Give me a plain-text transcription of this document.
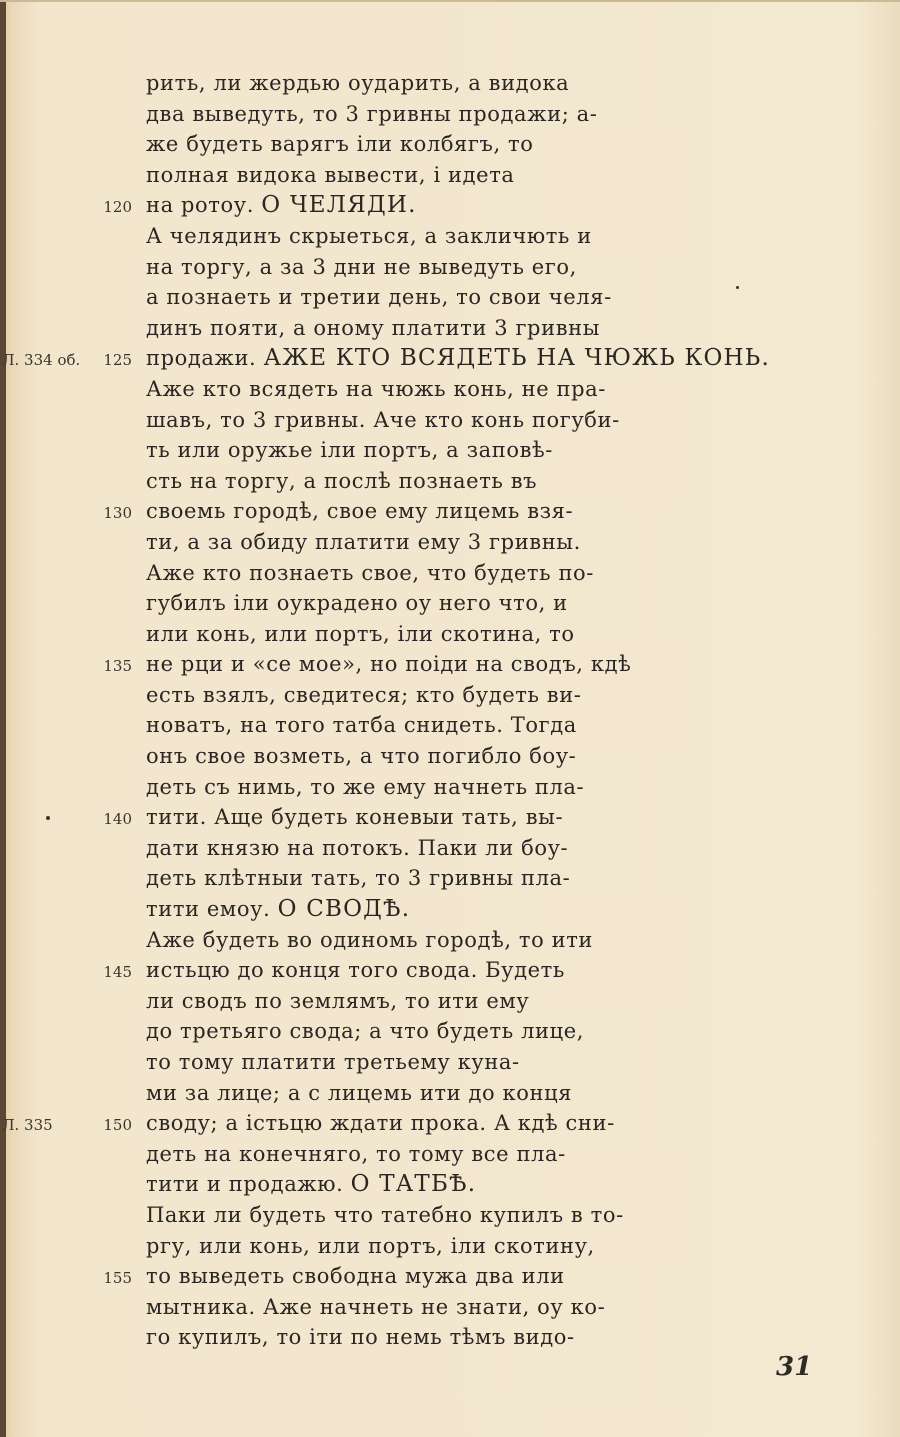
Л. 334 об.
Л. 335
120
125
130
135
140
145
150
155
рить, ли жердью оударить, а видока
два выведуть, то 3 гривны продажи; а-
же будеть варягъ іли колбягъ, то
полная видока вывести, і идета
на ротоу. О ЧЕЛЯДИ.
А челядинъ скрыеться, а закличють и
на торгу, а за 3 дни не выведуть его,
а познаеть и третии день, то свои челя-
динъ пояти, а оному платити 3 гривны
продажи. АЖЕ КТО ВСЯДЕТЬ НА ЧЮЖЬ КОНЬ.
Аже кто всядеть на чюжь конь, не пра-
шавъ, то 3 гривны. Аче кто конь погуби-
ть или оружье іли портъ, а заповѣ-
сть на торгу, а послѣ познаеть въ
своемь городѣ, свое ему лицемь взя-
ти, а за обиду платити ему 3 гривны.
Аже кто познаеть свое, что будеть по-
губилъ іли оукрадено оу него что, и
или конь, или портъ, іли скотина, то
не рци и «се мое», но поіди на сводъ, кдѣ
есть взялъ, сведитеся; кто будеть ви-
новатъ, на того татба снидеть. Тогда
онъ свое возметь, а что погибло боу-
деть съ нимь, то же ему начнеть пла-
тити. Аще будеть коневыи тать, вы-
дати князю на потокъ. Паки ли боу-
деть клѣтныи тать, то 3 гривны пла-
тити емоу. О СВОДѢ.
Аже будеть во одиномь городѣ, то ити
истьцю до конця того свода. Будеть
ли сводъ по землямъ, то ити ему
до третьяго свода; а что будеть лице,
то тому платити третьему куна-
ми за лице; а с лицемь ити до конця
своду; а істьцю ждати прока. А кдѣ сни-
деть на конечняго, то тому все пла-
тити и продажю. О ТАТБѢ.
Паки ли будеть что татебно купилъ в то-
ргу, или конь, или портъ, іли скотину,
то выведеть свободна мужа два или
мытника. Аже начнеть не знати, оу ко-
го купилъ, то іти по немь тѣмъ видо-
31
